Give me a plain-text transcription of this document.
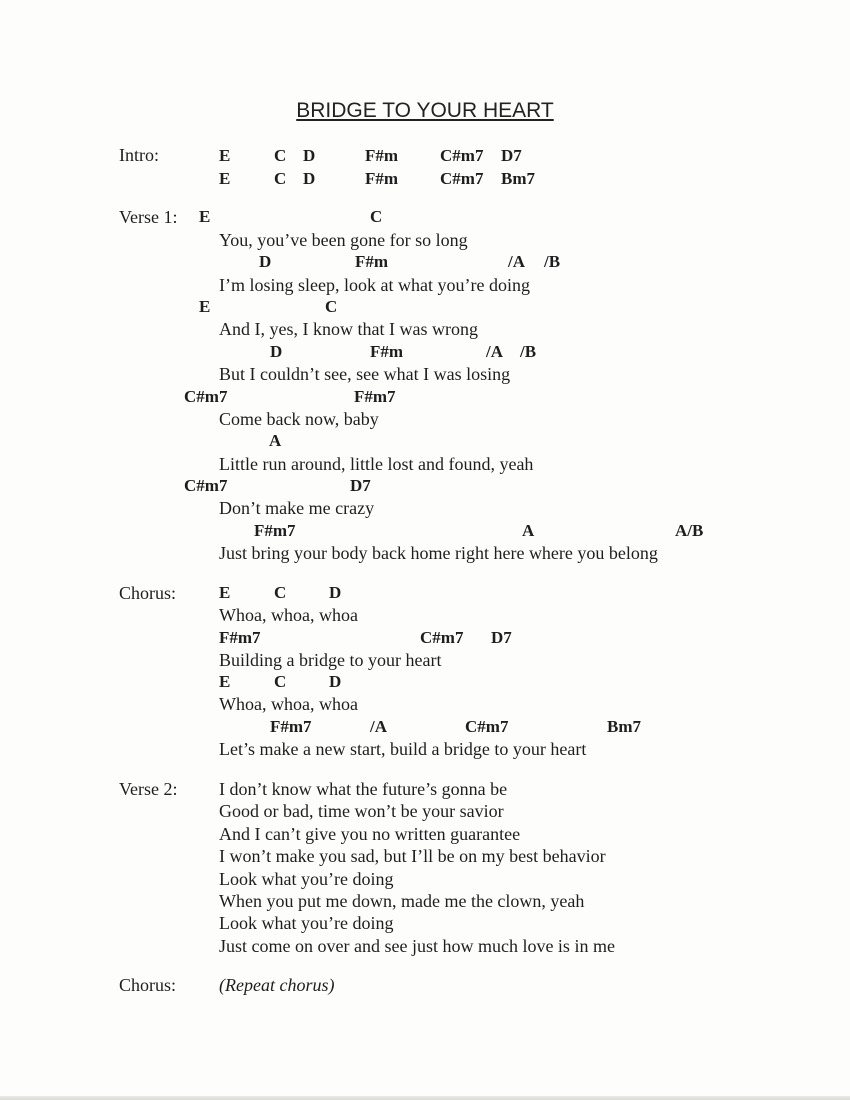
BRIDGE TO YOUR HEART
Intro:	E	C D	F#m C#m7 D7
E	C D	F#m C#m7 Bm7
Verse 1: E	C
You, you’ve been gone for so long
D	F#m	/A /B
I’m losing sleep, look at what you’re doing
E	C
And I, yes, I know that I was wrong
D	F#m	/A /B
But I couldn’t see, see what I was losing
C#m7	F#m7
Come back now, baby
A
Little run around, little lost and found, yeah
C#m7	D7
Don’t make me crazy
F#m7	A	A/B
Just bring your body back home right here where you belong
Chorus:	E	C	D
Whoa, whoa, whoa
F#m7	C#m7 D7
Building a bridge to your heart
E	C	D
Whoa, whoa, whoa
F#m7	/A	C#m7	Bm7
Let’s make a new start, build a bridge to your heart
Verse 2: I don’t know what the future’s gonna be
Good or bad, time won’t be your savior
And I can’t give you no written guarantee
I won’t make you sad, but I’ll be on my best behavior
Look what you’re doing
When you put me down, made me the clown, yeah
Look what you’re doing
Just come on over and see just how much love is in me
Chorus: (Repeat chorus)
